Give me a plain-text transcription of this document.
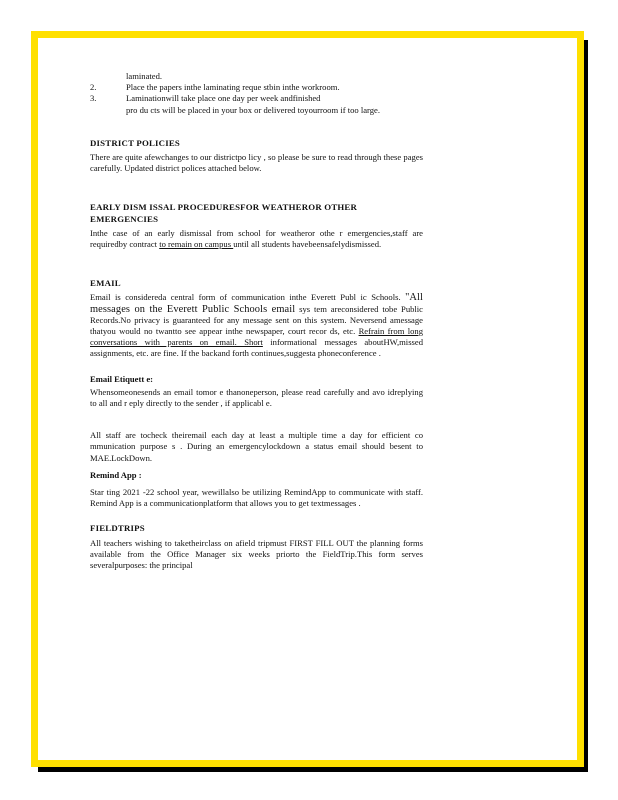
laminated.

2.	Place the papers inthe laminating reque stbin inthe workroom.
3.	Laminationwill take place one day per week andfinished

pro du cts will be placed in your box or delivered toyourroom if too large.

DISTRICT POLICIES

There are quite afewchanges to our districtpo licy , so please be sure to read through these pages carefully. Updated district polices attached below.

EARLY DISM ISSAL PROCEDURESFOR WEATHEROR OTHER EMERGENCIES

Inthe case of an early dismissal from school for weatheror othe r emergencies,staff are requiredby contract to remain on campus until all students havebeensafelydismissed.

EMAIL

Email is considereda central form of communication inthe Everett Publ ic Schools. "All messages on the Everett Public Schools email sys tem areconsidered tobe Public Records.No privacy is guaranteed for any message sent on this system. Neversend amessage thatyou would no twantto see appear inthe newspaper, court recor ds, etc. Refrain from long conversations with parents on email. Short informational messages aboutHW,missed assignments, etc. are fine. If the backand forth continues,suggesta phoneconference .

Email Etiquett e:

Whensomeonesends an email tomor e thanoneperson, please read carefully and avo idreplying to all and r eply directly to the sender , if applicabl e.

All staff are tocheck theiremail each day at least a multiple time a day for efficient co mmunication purpose s . During an emergencylockdown a status email should besent to MAE.LockDown.

Remind App :

Star ting 2021 -22 school year, wewillalso be utilizing RemindApp to communicate with staff. Remind App is a communicationplatform that allows you to get textmessages .

FIELDTRIPS

All teachers wishing to taketheirclass on afield tripmust FIRST FILL OUT the planning forms available from the Office Manager six weeks priorto the FieldTrip.This form serves severalpurposes: the principal
